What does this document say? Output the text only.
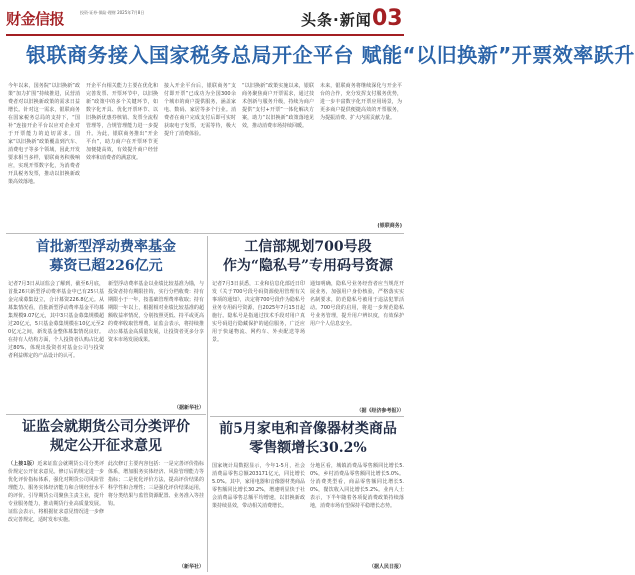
财金信报	投资·证券·保险·理财 2025年7月8日	头条·新闻 03
银联商务接入国家税务总局开企平台 赋能“以旧换新”开票效率跃升
今年以来，国务院“以旧换新”政策“加力扩围”持续推进，民营消费者对以旧换新政策的需求日益增长。针对这一需求，银联商务在国家税务总局的支持下，“国补”连接开企平台以应对企业对于开票能力的迫切需求。国家“以旧换新”政策覆盖到汽车、消费电子等多个领域，因此开发要求相当多样，银联商务积极响应，实现开票数字化，为消费者开具税务发票，推动以旧换新政策高效落地。
开企平台相关能力主要在优化和完善发票、开票环节中，以旧换新”政策中的多个关键环节，如数字化开具、优化开票环节、以旧换新优惠券核销、发票全流程管理等，合规管理能力进一步提升。为此，银联商务推出“开企平台”，助力商户在开票环节更加便捷高效，有效提升商户经营效率和消费者的满意度。
接入开企平台后，银联商务“支付即开票”已成功为全国300余个城市的商户提供服务，涵盖家电、数码、家居等多个行业。消费者在商户完成支付后即可实时获取电子发票，无需等待，极大提升了消费体验。
“以旧换新”政策实施以来，银联商务聚焦商户开票需求，通过技术创新与服务升级，持续为商户提供“支付+开票”一体化解决方案，助力“以旧换新”政策落地见效，推动消费市场持续回暖。
未来，银联商务将继续深化与开企平台的合作，充分发挥支付服务优势，进一步丰富数字化开票应用场景，为更多商户提供便捷高效的开票服务，为提振消费、扩大内需贡献力量。
(银联商务)
首批新型浮动费率基金
募资已超226亿元
记者7月3日从证监会了解到，截至6月底，首批26只新型浮动费率基金中已有25只基金完成募集设立，合计募资226.8亿元。从募集情况看，首批新型浮动费率基金平均募集规模9.07亿元，其中3只基金募集规模超过20亿元，5只基金募集规模在10亿元至20亿元之间，新发基金整体募集情况良好。在持有人结构方面，个人投资者认购占比超过80%，体现出投资者对基金公司与投资者利益绑定的产品设计的认可。
新型浮动费率基金以业绩比较基准为锚，与投资者持有期限挂钩，实行分档收费：持有期限小于一年，按基础管理费率收取；持有期限一年以上，根据相对业绩比较基准的超额收益率情况，分别按照更低、持平或更高的费率收取管理费。证监会表示，将持续推动公募基金高质量发展，让投资者更多分享资本市场发展成果。
（据新华社）
证监会就期货公司分类评价
规定公开征求意见
（上接1版）近来证监会就期货公司分类评价规定公开征求意见。修订后的规定进一步优化评价指标体系，强化对期货公司风险管理能力、服务实体经济能力和合规经营水平的评价，引导期货公司聚焦主责主业，提升专业服务能力，推动期货行业高质量发展。证监会表示，将根据征求意见情况进一步修改完善规定，适时发布实施。
此次修订主要内容包括：一是完善评价指标体系，增加服务实体经济、风险管理能力等指标；二是优化评价方法，提高评价结果的科学性和合理性；三是强化评价结果运用，将分类结果与监管资源配置、业务准入等挂钩。
（新华社）
工信部规划700号段
作为“隐私号”专用码号资源
记者7月3日获悉，工业和信息化部近日印发《关于700号段号码资源使用管理有关事项的通知》，决定将700号段作为隐私号业务专用码号资源，自2025年7月15日起施行。隐私号是指通过技术手段对用户真实号码进行隐藏保护的通信服务，广泛应用于快递物流、网约车、外卖配送等场景。
通知明确，隐私号业务经营者应当规范开展业务，加强用户身份核验，严格落实实名制要求，防范隐私号被用于违法犯罪活动。700号段的启用，将进一步规范隐私号业务管理，提升用户辨识度，有效保护用户个人信息安全。
（据《经济参考报》）
前5月家电和音像器材类商品
零售额增长30.2%
国家统计局数据显示，今年1-5月，社会消费品零售总额203171亿元，同比增长5.0%。其中，家用电器和音像器材类商品零售额同比增长30.2%，增速明显快于社会消费品零售总额平均增速，以旧换新政策持续显效，带动相关消费增长。
分地区看，城镇消费品零售额同比增长5.0%，乡村消费品零售额同比增长5.0%。分消费类型看，商品零售额同比增长5.0%，餐饮收入同比增长5.2%。业内人士表示，下半年随着各项促消费政策持续落地，消费市场有望保持平稳增长态势。
（据人民日报）
